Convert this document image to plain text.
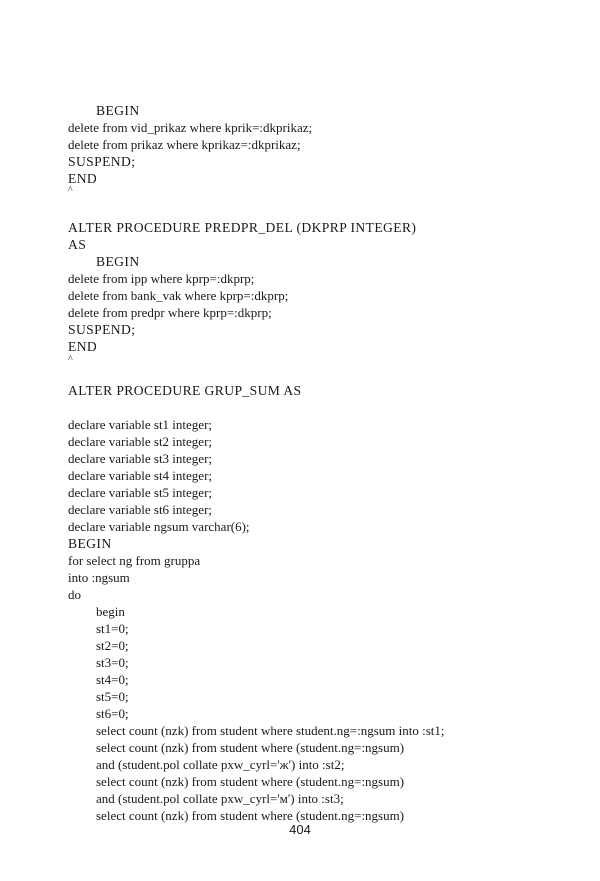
BEGIN
delete from vid_prikaz where kprik=:dkprikaz;
delete from prikaz where kprikaz=:dkprikaz;
SUSPEND;
END
^
ALTER PROCEDURE PREDPR_DEL (DKPRP INTEGER)
AS
BEGIN
delete from ipp where kprp=:dkprp;
delete from bank_vak where kprp=:dkprp;
delete from predpr where kprp=:dkprp;
SUSPEND;
END
^
ALTER PROCEDURE GRUP_SUM AS
declare variable st1 integer;
declare variable st2 integer;
declare variable st3 integer;
declare variable st4 integer;
declare variable st5 integer;
declare variable st6 integer;
declare variable ngsum varchar(6);
BEGIN
for select ng from gruppa
into :ngsum
do
begin
st1=0;
st2=0;
st3=0;
st4=0;
st5=0;
st6=0;
select count (nzk) from student where student.ng=:ngsum into :st1;
select count (nzk) from student where (student.ng=:ngsum)
and (student.pol collate pxw_cyrl='ж') into :st2;
select count (nzk) from student where (student.ng=:ngsum)
and (student.pol collate pxw_cyrl='м') into :st3;
select count (nzk) from student where (student.ng=:ngsum)
404
